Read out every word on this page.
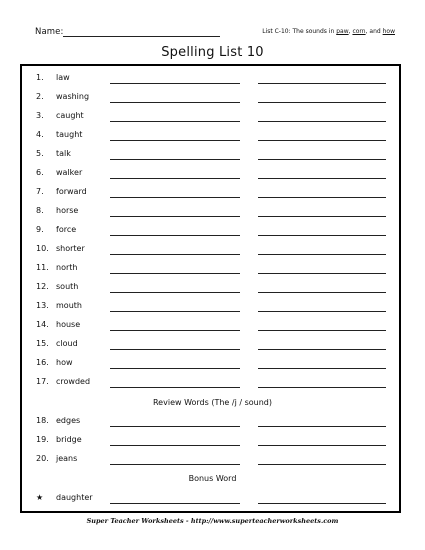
Name:	List C-10: The sounds in paw, corn, and how
Spelling List 10
1.	law
2.	washing
3.	caught
4.	taught
5.	talk
6.	walker
7.	forward
8.	horse
9.	force
10. shorter
11. north
12. south
13. mouth
14. house
15. cloud
16. how
17. crowded
Review Words (The /j / sound)
18. edges
19. bridge
20. jeans
Bonus Word
★	daughter
Super Teacher Worksheets - http://www.superteacherworksheets.com
